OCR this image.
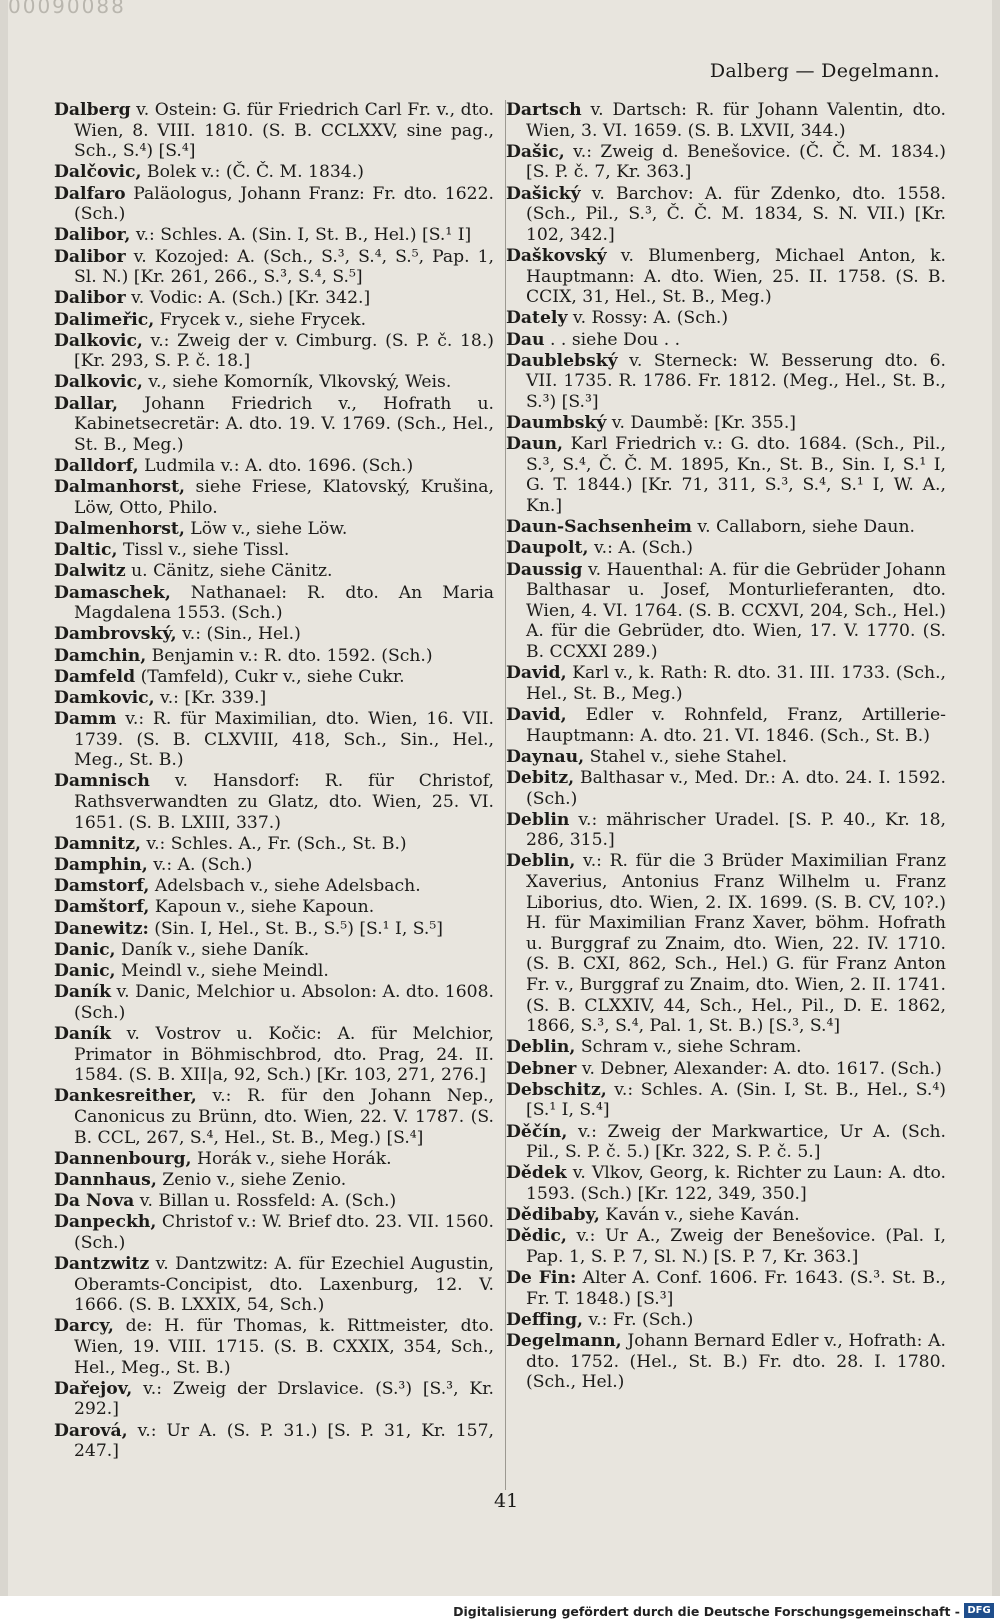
00090088
Dalberg — Degelmann.

Dalberg v. Ostein: G. für Friedrich Carl Fr. v., dto. Wien, 8. VIII. 1810. (S. B. CCLXXV, sine pag., Sch., S.⁴) [S.⁴]

Dalčovic, Bolek v.: (Č. Č. M. 1834.)

Dalfaro Paläologus, Johann Franz: Fr. dto. 1622. (Sch.)

Dalibor, v.: Schles. A. (Sin. I, St. B., Hel.) [S.¹ I]

Dalibor v. Kozojed: A. (Sch., S.³, S.⁴, S.⁵, Pap. 1, Sl. N.) [Kr. 261, 266., S.³, S.⁴, S.⁵]

Dalibor v. Vodic: A. (Sch.) [Kr. 342.]

Dalimeřic, Frycek v., siehe Frycek.

Dalkovic, v.: Zweig der v. Cimburg. (S. P. č. 18.) [Kr. 293, S. P. č. 18.]

Dalkovic, v., siehe Komorník, Vlkovský, Weis.

Dallar, Johann Friedrich v., Hofrath u. Kabinetsecretär: A. dto. 19. V. 1769. (Sch., Hel., St. B., Meg.)

Dalldorf, Ludmila v.: A. dto. 1696. (Sch.)

Dalmanhorst, siehe Friese, Klatovský, Krušina, Löw, Otto, Philo.

Dalmenhorst, Löw v., siehe Löw.

Daltic, Tissl v., siehe Tissl.

Dalwitz u. Cänitz, siehe Cänitz.

Damaschek, Nathanael: R. dto. An Maria Magdalena 1553. (Sch.)

Dambrovský, v.: (Sin., Hel.)

Damchin, Benjamin v.: R. dto. 1592. (Sch.)

Damfeld (Tamfeld), Cukr v., siehe Cukr.

Damkovic, v.: [Kr. 339.]

Damm v.: R. für Maximilian, dto. Wien, 16. VII. 1739. (S. B. CLXVIII, 418, Sch., Sin., Hel., Meg., St. B.)

Damnisch v. Hansdorf: R. für Christof, Rathsverwandten zu Glatz, dto. Wien, 25. VI. 1651. (S. B. LXIII, 337.)

Damnitz, v.: Schles. A., Fr. (Sch., St. B.)

Damphin, v.: A. (Sch.)

Damstorf, Adelsbach v., siehe Adelsbach.

Damštorf, Kapoun v., siehe Kapoun.

Danewitz: (Sin. I, Hel., St. B., S.⁵) [S.¹ I, S.⁵]

Danic, Daník v., siehe Daník.

Danic, Meindl v., siehe Meindl.

Daník v. Danic, Melchior u. Absolon: A. dto. 1608. (Sch.)

Daník v. Vostrov u. Kočic: A. für Melchior, Primator in Böhmischbrod, dto. Prag, 24. II. 1584. (S. B. XII|a, 92, Sch.) [Kr. 103, 271, 276.]

Dankesreither, v.: R. für den Johann Nep., Canonicus zu Brünn, dto. Wien, 22. V. 1787. (S. B. CCL, 267, S.⁴, Hel., St. B., Meg.) [S.⁴]

Dannenbourg, Horák v., siehe Horák.

Dannhaus, Zenio v., siehe Zenio.

Da Nova v. Billan u. Rossfeld: A. (Sch.)

Danpeckh, Christof v.: W. Brief dto. 23. VII. 1560. (Sch.)

Dantzwitz v. Dantzwitz: A. für Ezechiel Augustin, Oberamts-Concipist, dto. Laxenburg, 12. V. 1666. (S. B. LXXIX, 54, Sch.)

Darcy, de: H. für Thomas, k. Rittmeister, dto. Wien, 19. VIII. 1715. (S. B. CXXIX, 354, Sch., Hel., Meg., St. B.)

Dařejov, v.: Zweig der Drslavice. (S.³) [S.³, Kr. 292.]

Darová, v.: Ur A. (S. P. 31.) [S. P. 31, Kr. 157, 247.]

Dartsch v. Dartsch: R. für Johann Valentin, dto. Wien, 3. VI. 1659. (S. B. LXVII, 344.)

Dašic, v.: Zweig d. Benešovice. (Č. Č. M. 1834.) [S. P. č. 7, Kr. 363.]

Dašický v. Barchov: A. für Zdenko, dto. 1558. (Sch., Pil., S.³, Č. Č. M. 1834, S. N. VII.) [Kr. 102, 342.]

Daškovský v. Blumenberg, Michael Anton, k. Hauptmann: A. dto. Wien, 25. II. 1758. (S. B. CCIX, 31, Hel., St. B., Meg.)

Dately v. Rossy: A. (Sch.)

Dau . . siehe Dou . .

Daublebský v. Sterneck: W. Besserung dto. 6. VII. 1735. R. 1786. Fr. 1812. (Meg., Hel., St. B., S.³) [S.³]

Daumbský v. Daumbě: [Kr. 355.]

Daun, Karl Friedrich v.: G. dto. 1684. (Sch., Pil., S.³, S.⁴, Č. Č. M. 1895, Kn., St. B., Sin. I, S.¹ I, G. T. 1844.) [Kr. 71, 311, S.³, S.⁴, S.¹ I, W. A., Kn.]

Daun-Sachsenheim v. Callaborn, siehe Daun.

Daupolt, v.: A. (Sch.)

Daussig v. Hauenthal: A. für die Gebrüder Johann Balthasar u. Josef, Monturlieferanten, dto. Wien, 4. VI. 1764. (S. B. CCXVI, 204, Sch., Hel.) A. für die Gebrüder, dto. Wien, 17. V. 1770. (S. B. CCXXI 289.)

David, Karl v., k. Rath: R. dto. 31. III. 1733. (Sch., Hel., St. B., Meg.)

David, Edler v. Rohnfeld, Franz, Artillerie-Hauptmann: A. dto. 21. VI. 1846. (Sch., St. B.)

Daynau, Stahel v., siehe Stahel.

Debitz, Balthasar v., Med. Dr.: A. dto. 24. I. 1592. (Sch.)

Deblin v.: mährischer Uradel. [S. P. 40., Kr. 18, 286, 315.]

Deblin, v.: R. für die 3 Brüder Maximilian Franz Xaverius, Antonius Franz Wilhelm u. Franz Liborius, dto. Wien, 2. IX. 1699. (S. B. CV, 10?.) H. für Maximilian Franz Xaver, böhm. Hofrath u. Burggraf zu Znaim, dto. Wien, 22. IV. 1710. (S. B. CXI, 862, Sch., Hel.) G. für Franz Anton Fr. v., Burggraf zu Znaim, dto. Wien, 2. II. 1741. (S. B. CLXXIV, 44, Sch., Hel., Pil., D. E. 1862, 1866, S.³, S.⁴, Pal. 1, St. B.) [S.³, S.⁴]

Deblin, Schram v., siehe Schram.

Debner v. Debner, Alexander: A. dto. 1617. (Sch.)

Debschitz, v.: Schles. A. (Sin. I, St. B., Hel., S.⁴) [S.¹ I, S.⁴]

Děčín, v.: Zweig der Markwartice, Ur A. (Sch. Pil., S. P. č. 5.) [Kr. 322, S. P. č. 5.]

Dědek v. Vlkov, Georg, k. Richter zu Laun: A. dto. 1593. (Sch.) [Kr. 122, 349, 350.]

Dědibaby, Kaván v., siehe Kaván.

Dědic, v.: Ur A., Zweig der Benešovice. (Pal. I, Pap. 1, S. P. 7, Sl. N.) [S. P. 7, Kr. 363.]

De Fin: Alter A. Conf. 1606. Fr. 1643. (S.³. St. B., Fr. T. 1848.) [S.³]

Deffing, v.: Fr. (Sch.)

Degelmann, Johann Bernard Edler v., Hofrath: A. dto. 1752. (Hel., St. B.) Fr. dto. 28. I. 1780. (Sch., Hel.)

41
Digitalisierung gefördert durch die Deutsche Forschungsgemeinschaft - DFG
